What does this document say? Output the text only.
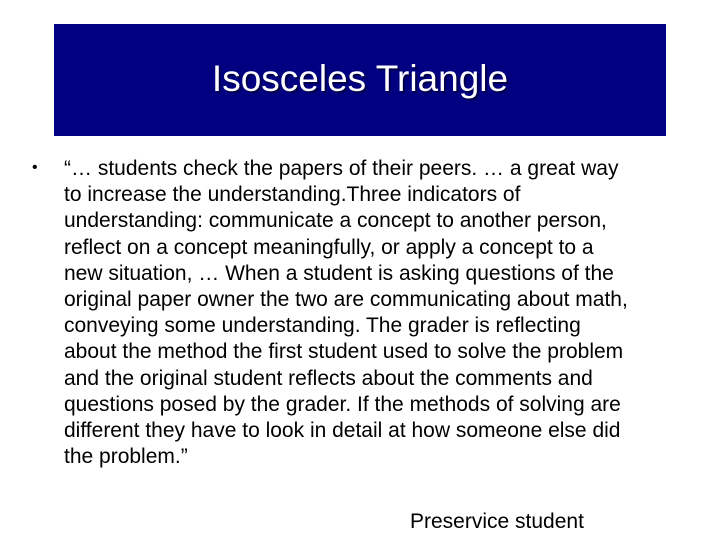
Isosceles Triangle
• “… students check the papers of their peers. … a great way
to increase the understanding.Three indicators of
understanding: communicate a concept to another person,
reflect on a concept meaningfully, or apply a concept to a
new situation, … When a student is asking questions of the
original paper owner the two are communicating about math,
conveying some understanding. The grader is reflecting
about the method the first student used to solve the problem
and the original student reflects about the comments and
questions posed by the grader. If the methods of solving are
different they have to look in detail at how someone else did
the problem.”
Preservice student
